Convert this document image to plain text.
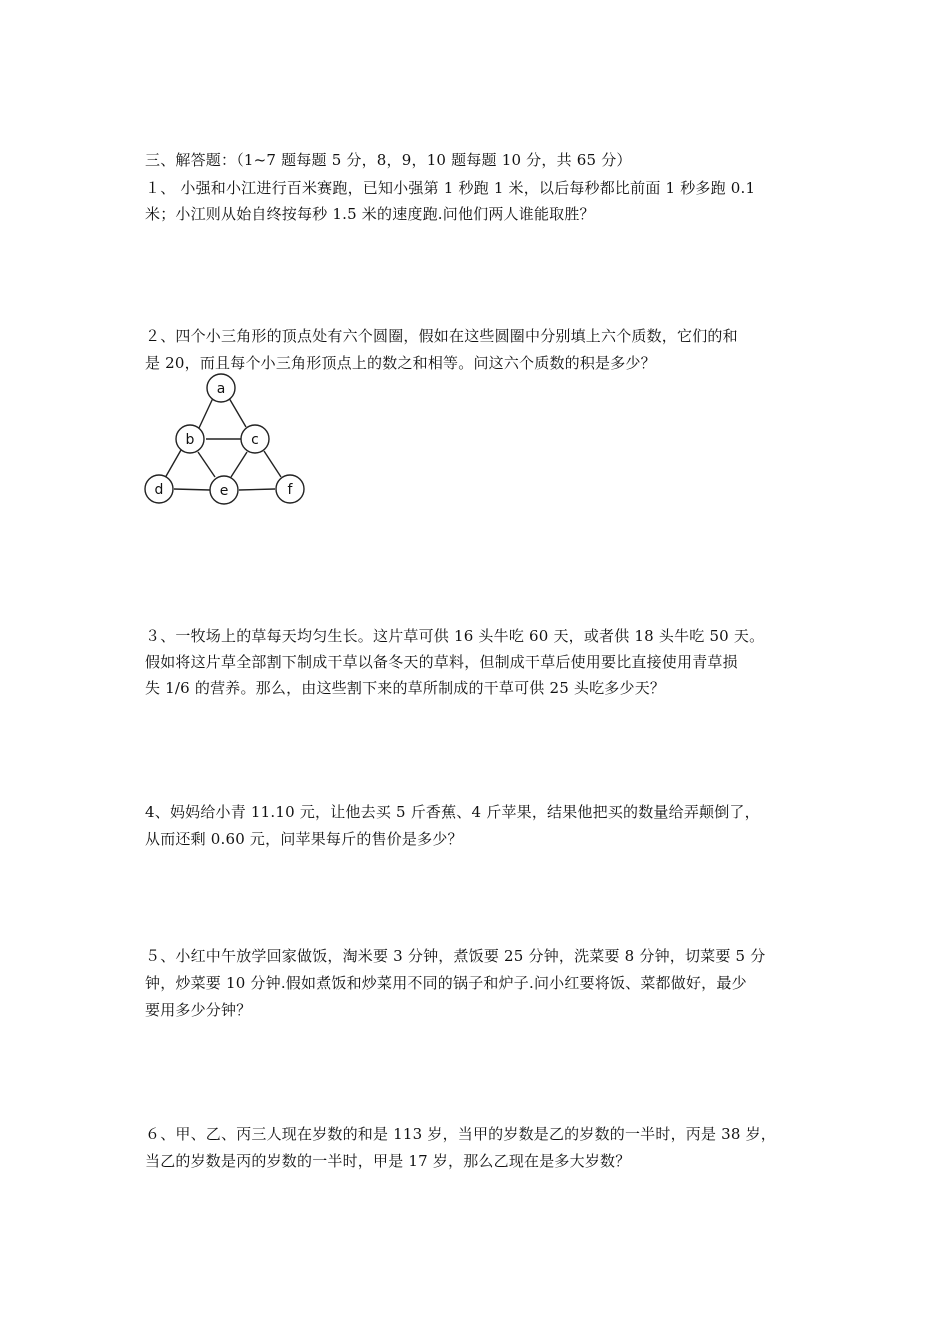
三、解答题：（1~7 题每题 5 分，8，9，10 题每题 10 分，共 65 分）
１、 小强和小江进行百米赛跑，已知小强第 1 秒跑 1 米，以后每秒都比前面 1 秒多跑 0.1
米；小江则从始自终按每秒 1.5 米的速度跑.问他们两人谁能取胜？
２、四个小三角形的顶点处有六个圆圈，假如在这些圆圈中分别填上六个质数，它们的和
是 20，而且每个小三角形顶点上的数之和相等。问这六个质数的积是多少？
a
b	c
d	e	f
３、一牧场上的草每天均匀生长。这片草可供 16 头牛吃 60 天，或者供 18 头牛吃 50 天。
假如将这片草全部割下制成干草以备冬天的草料，但制成干草后使用要比直接使用青草损
失 1/6 的营养。那么，由这些割下来的草所制成的干草可供 25 头吃多少天？
4、妈妈给小青 11.10 元，让他去买 5 斤香蕉、4 斤苹果，结果他把买的数量给弄颠倒了，
从而还剩 0.60 元，问苹果每斤的售价是多少？
５、小红中午放学回家做饭，淘米要 3 分钟，煮饭要 25 分钟，洗菜要 8 分钟，切菜要 5 分
钟，炒菜要 10 分钟.假如煮饭和炒菜用不同的锅子和炉子.问小红要将饭、菜都做好，最少
要用多少分钟？
６、甲、乙、丙三人现在岁数的和是 113 岁，当甲的岁数是乙的岁数的一半时，丙是 38 岁，
当乙的岁数是丙的岁数的一半时，甲是 17 岁，那么乙现在是多大岁数？
